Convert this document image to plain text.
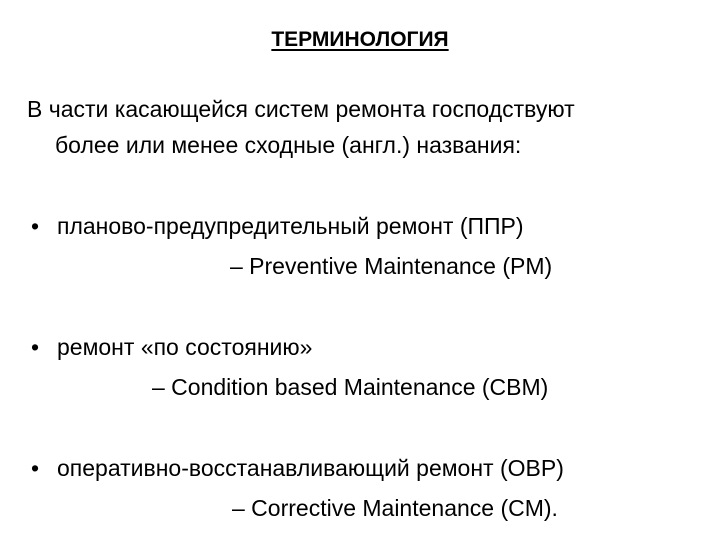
ТЕРМИНОЛОГИЯ
В части касающейся систем ремонта господствуют
более или менее сходные (англ.) названия:
• планово-предупредительный ремонт (ППР)
– Preventive Maintenance (PM)
• ремонт «по состоянию»
– Condition based Maintenance (CBM)
• оперативно-восстанавливающий ремонт (ОВР)
– Corrective Maintenance (CM).
